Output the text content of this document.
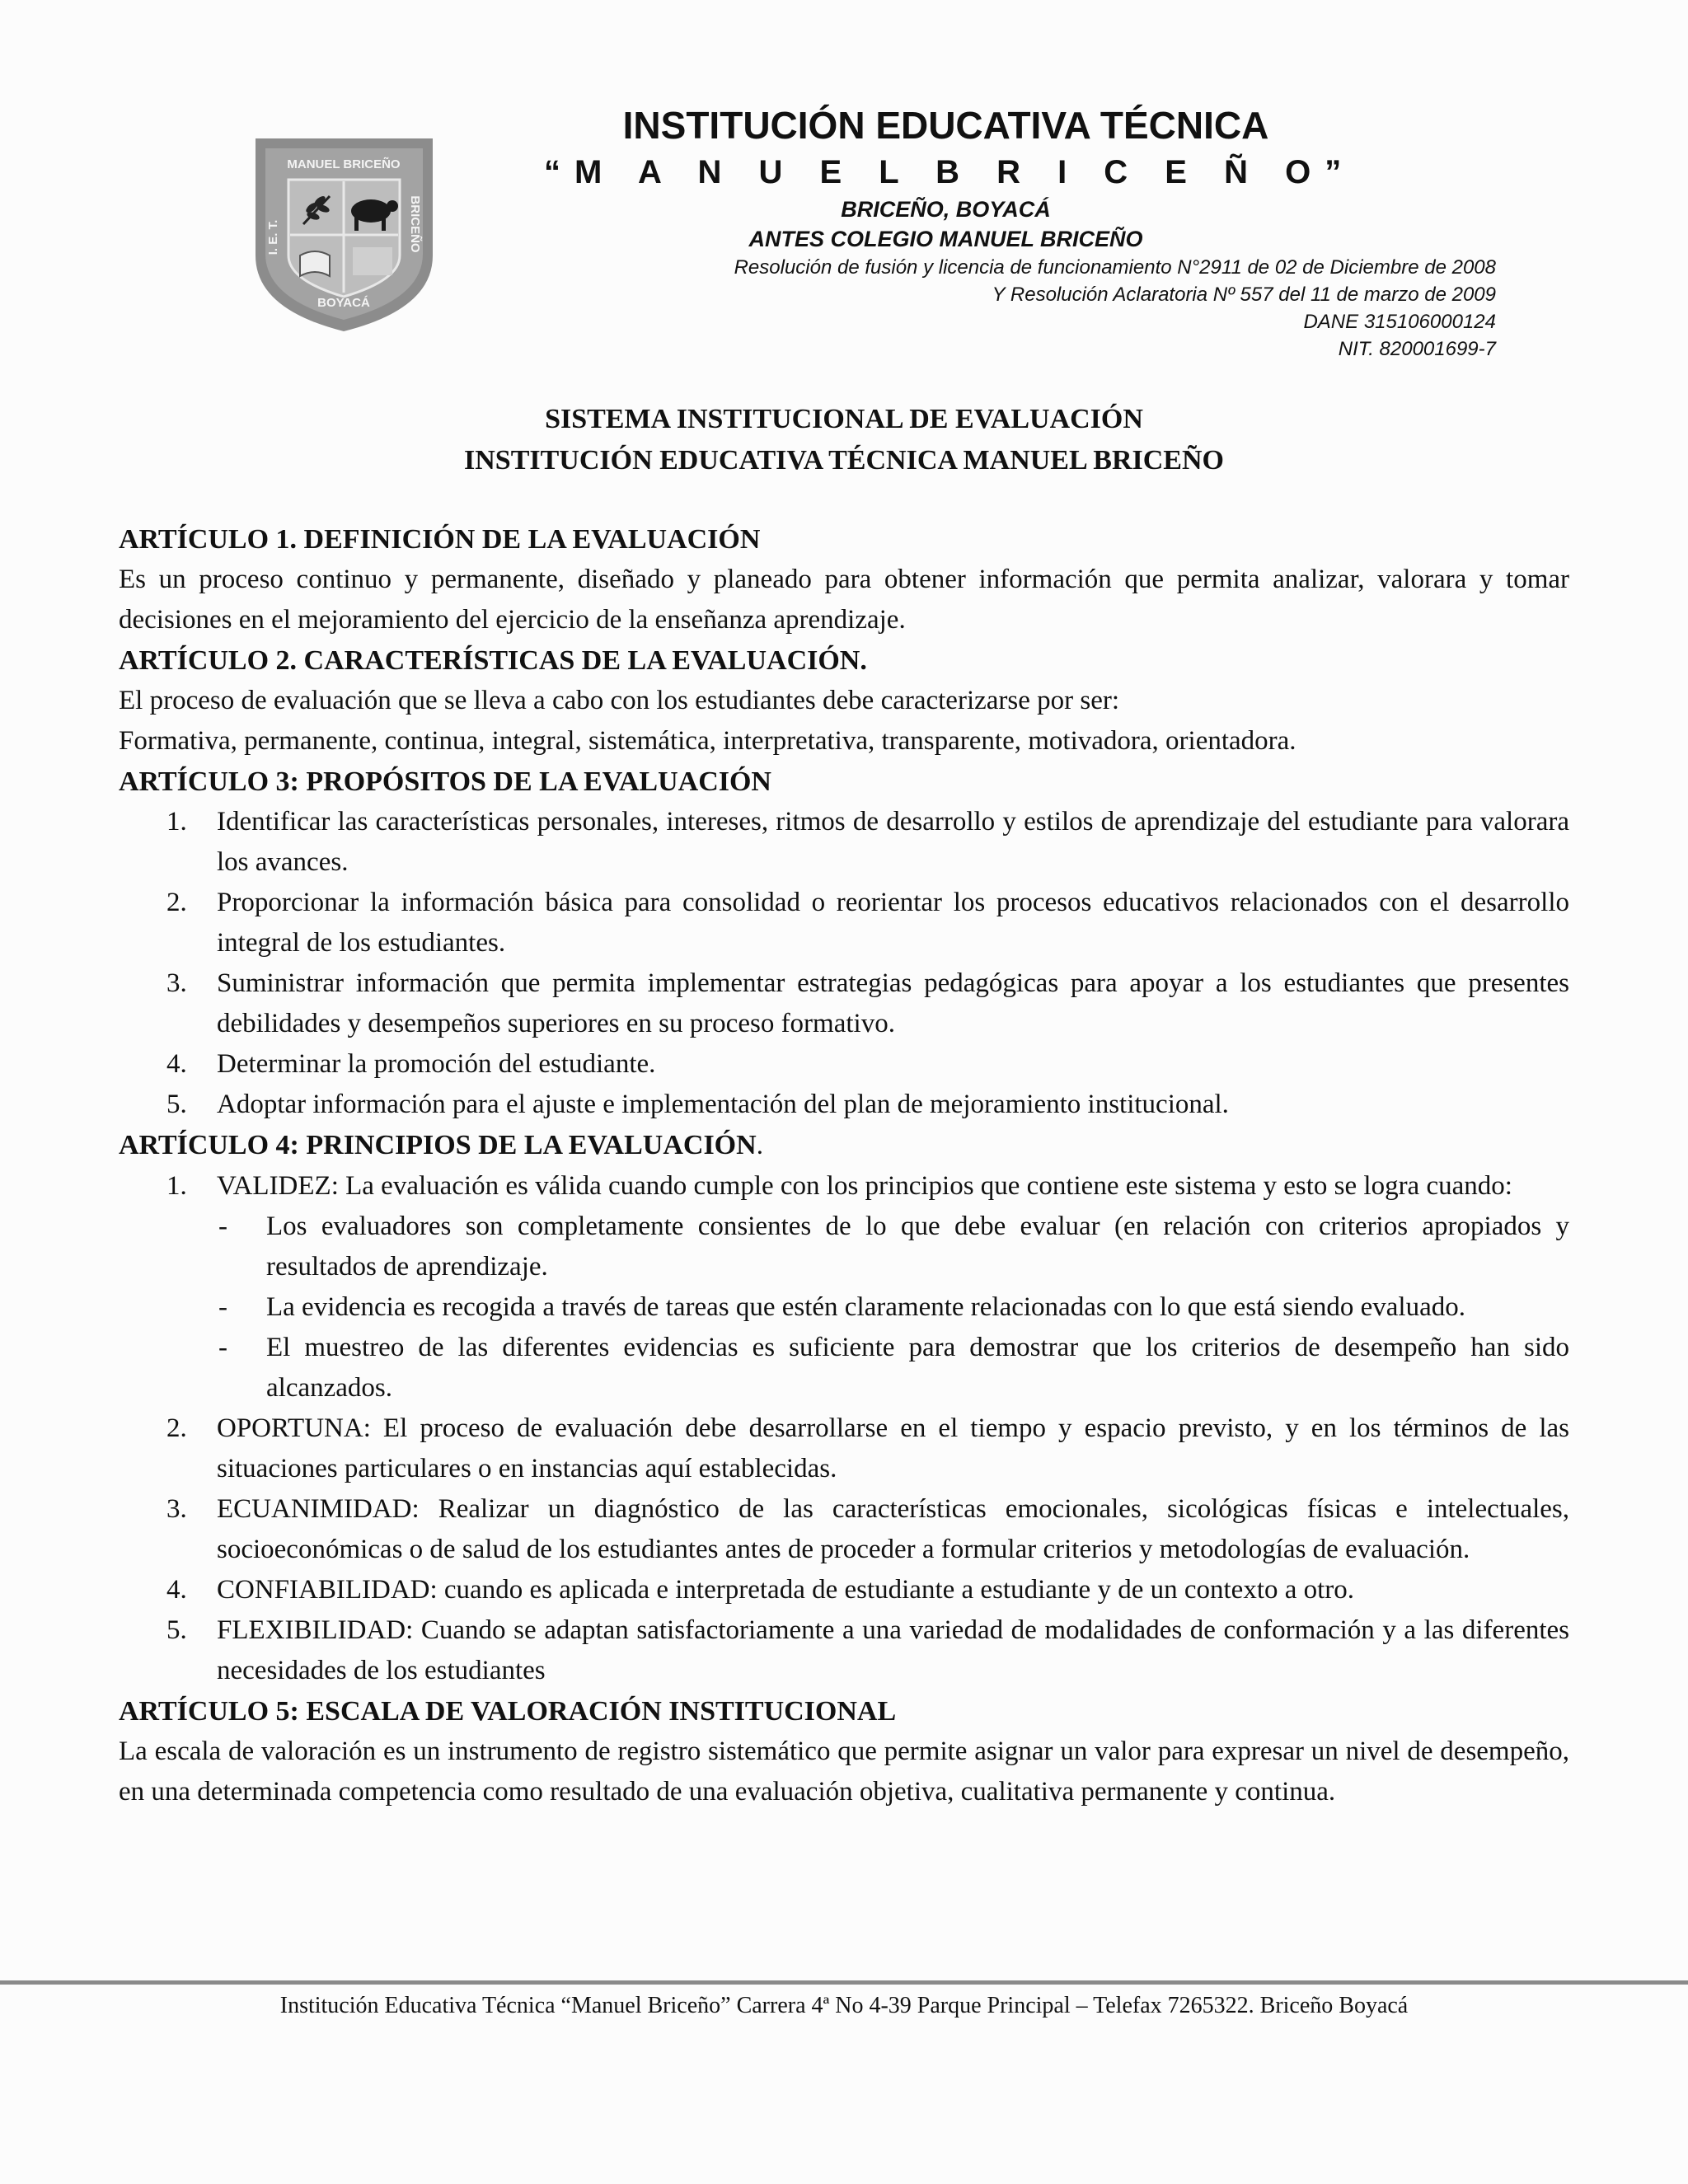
MANUEL BRICEÑO
I. E. T.	BRICEÑO
BOYACÁ
INSTITUCIÓN EDUCATIVA TÉCNICA
“M A N U E L B R I C E Ñ O”
BRICEÑO, BOYACÁ
ANTES COLEGIO MANUEL BRICEÑO
Resolución de fusión y licencia de funcionamiento N°2911 de 02 de Diciembre de 2008
Y Resolución Aclaratoria Nº 557 del 11 de marzo de 2009
DANE 315106000124
NIT. 820001699-7
SISTEMA INSTITUCIONAL DE EVALUACIÓN
INSTITUCIÓN EDUCATIVA TÉCNICA MANUEL BRICEÑO
ARTÍCULO 1. DEFINICIÓN DE LA EVALUACIÓN
Es un proceso continuo y permanente, diseñado y planeado para obtener información que permita analizar, valorara y tomar decisiones en el mejoramiento del ejercicio de la enseñanza aprendizaje.
ARTÍCULO 2. CARACTERÍSTICAS DE LA EVALUACIÓN.
El proceso de evaluación que se lleva a cabo con los estudiantes debe caracterizarse por ser:
Formativa, permanente, continua, integral, sistemática, interpretativa, transparente, motivadora, orientadora.
ARTÍCULO 3: PROPÓSITOS DE LA EVALUACIÓN
1. Identificar las características personales, intereses, ritmos de desarrollo y estilos de aprendizaje del estudiante para valorara los avances.
2. Proporcionar la información básica para consolidad o reorientar los procesos educativos relacionados con el desarrollo integral de los estudiantes.
3. Suministrar información que permita implementar estrategias pedagógicas para apoyar a los estudiantes que presentes debilidades y desempeños superiores en su proceso formativo.
4. Determinar la promoción del estudiante.
5. Adoptar información para el ajuste e implementación del plan de mejoramiento institucional.
ARTÍCULO 4: PRINCIPIOS DE LA EVALUACIÓN.
1. VALIDEZ: La evaluación es válida cuando cumple con los principios que contiene este sistema y esto se logra cuando:
- Los evaluadores son completamente consientes de lo que debe evaluar (en relación con criterios apropiados y resultados de aprendizaje.
- La evidencia es recogida a través de tareas que estén claramente relacionadas con lo que está siendo evaluado.
- El muestreo de las diferentes evidencias es suficiente para demostrar que los criterios de desempeño han sido alcanzados.
2. OPORTUNA: El proceso de evaluación debe desarrollarse en el tiempo y espacio previsto, y en los términos de las situaciones particulares o en instancias aquí establecidas.
3. ECUANIMIDAD: Realizar un diagnóstico de las características emocionales, sicológicas físicas e intelectuales, socioeconómicas o de salud de los estudiantes antes de proceder a formular criterios y metodologías de evaluación.
4. CONFIABILIDAD: cuando es aplicada e interpretada de estudiante a estudiante y de un contexto a otro.
5. FLEXIBILIDAD: Cuando se adaptan satisfactoriamente a una variedad de modalidades de conformación y a las diferentes necesidades de los estudiantes
ARTÍCULO 5: ESCALA DE VALORACIÓN INSTITUCIONAL
La escala de valoración es un instrumento de registro sistemático que permite asignar un valor para expresar un nivel de desempeño, en una determinada competencia como resultado de una evaluación objetiva, cualitativa permanente y continua.
Institución Educativa Técnica “Manuel Briceño” Carrera 4ª No 4-39 Parque Principal – Telefax 7265322. Briceño Boyacá
